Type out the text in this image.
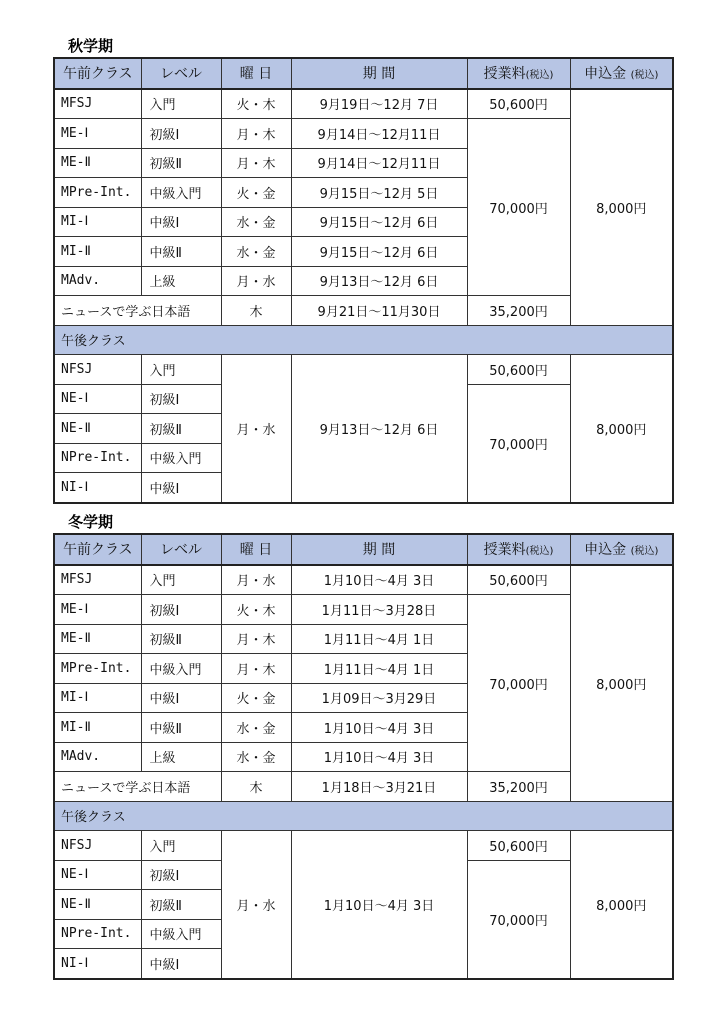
秋学期
午前クラス	レベル	曜 日	期 間	授業料(税込)	申込金 (税込)
MFSJ	入門	火・木	9月19日〜12月 7日	50,600円	8,000円
ME-Ⅰ	初級Ⅰ	月・木	9月14日〜12月11日	70,000円	
ME-Ⅱ	初級Ⅱ	月・木	9月14日〜12月11日		
MPre-Int.	中級入門	火・金	9月15日〜12月 5日		
MI-Ⅰ	中級Ⅰ	水・金	9月15日〜12月 6日		
MI-Ⅱ	中級Ⅱ	水・金	9月15日〜12月 6日		
MAdv.	上級	月・水	9月13日〜12月 6日		
ニュースで学ぶ日本語		木	9月21日〜11月30日	35,200円	
午後クラス					
NFSJ	入門	月・水	9月13日〜12月 6日	50,600円	8,000円
NE-Ⅰ	初級Ⅰ			70,000円	
NE-Ⅱ	初級Ⅱ				
NPre-Int.	中級入門				
NI-Ⅰ	中級Ⅰ				
冬学期
午前クラス	レベル	曜 日	期 間	授業料(税込)	申込金 (税込)
MFSJ	入門	月・水	1月10日〜4月 3日	50,600円	8,000円
ME-Ⅰ	初級Ⅰ	火・木	1月11日〜3月28日	70,000円	
ME-Ⅱ	初級Ⅱ	月・木	1月11日〜4月 1日		
MPre-Int.	中級入門	月・木	1月11日〜4月 1日		
MI-Ⅰ	中級Ⅰ	火・金	1月09日〜3月29日		
MI-Ⅱ	中級Ⅱ	水・金	1月10日〜4月 3日		
MAdv.	上級	水・金	1月10日〜4月 3日		
ニュースで学ぶ日本語		木	1月18日〜3月21日	35,200円	
午後クラス					
NFSJ	入門	月・水	1月10日〜4月 3日	50,600円	8,000円
NE-Ⅰ	初級Ⅰ			70,000円	
NE-Ⅱ	初級Ⅱ				
NPre-Int.	中級入門				
NI-Ⅰ	中級Ⅰ				
